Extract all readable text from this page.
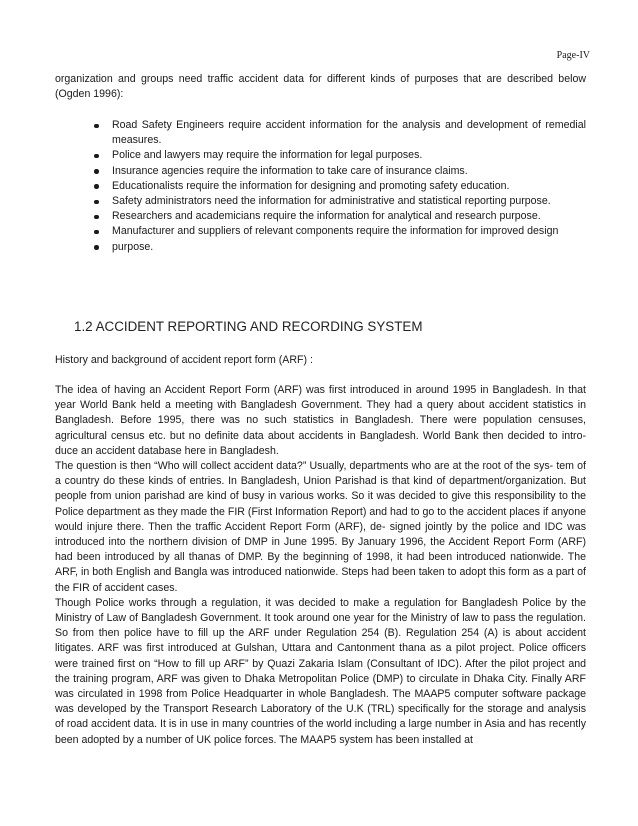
Page-IV
organization and groups need traffic accident data for different kinds of purposes that are described below (Ogden 1996):
Road Safety Engineers require accident information for the analysis and development of remedial measures.
Police and lawyers may require the information for legal purposes.
Insurance agencies require the information to take care of insurance claims.
Educationalists require the information for designing and promoting safety education.
Safety administrators need the information for administrative and statistical reporting purpose.
Researchers and academicians require the information for analytical and research purpose.
Manufacturer and suppliers of relevant components require the information for improved design
purpose.
1.2 ACCIDENT REPORTING AND RECORDING SYSTEM
History and background of accident report form (ARF) :

The idea of having an Accident Report Form (ARF) was first introduced in around 1995 in Bangladesh. In that year World Bank held a meeting with Bangladesh Government. They had a query about accident statistics in Bangladesh. Before 1995, there was no such statistics in Bangladesh. There were population censuses, agricultural census etc. but no definite data about accidents in Bangladesh. World Bank then decided to intro- duce an accident database here in Bangladesh.

The question is then “Who will collect accident data?” Usually, departments who are at the root of the sys- tem of a country do these kinds of entries. In Bangladesh, Union Parishad is that kind of department/organization. But people from union parishad are kind of busy in various works. So it was decided to give this responsibility to the Police department as they made the FIR (First Information Report) and had to go to the accident places if anyone would injure there. Then the traffic Accident Report Form (ARF), de- signed jointly by the police and IDC was introduced into the northern division of DMP in June 1995. By January 1996, the Accident Report Form (ARF) had been introduced by all thanas of DMP. By the beginning of 1998, it had been introduced nationwide. The ARF, in both English and Bangla was introduced nationwide. Steps had been taken to adopt this form as a part of the FIR of accident cases.

Though Police works through a regulation, it was decided to make a regulation for Bangladesh Police by the Ministry of Law of Bangladesh Government. It took around one year for the Ministry of law to pass the regulation. So from then police have to fill up the ARF under Regulation 254 (B). Regulation 254 (A) is about accident litigates. ARF was first introduced at Gulshan, Uttara and Cantonment thana as a pilot project. Police officers were trained first on “How to fill up ARF” by Quazi Zakaria Islam (Consultant of IDC). After the pilot project and the training program, ARF was given to Dhaka Metropolitan Police (DMP) to circulate in Dhaka City. Finally ARF was circulated in 1998 from Police Headquarter in whole Bangladesh. The MAAP5 computer software package was developed by the Transport Research Laboratory of the U.K (TRL) specifically for the storage and analysis of road accident data. It is in use in many countries of the world including a large number in Asia and has recently been adopted by a number of UK police forces. The MAAP5 system has been installed at
